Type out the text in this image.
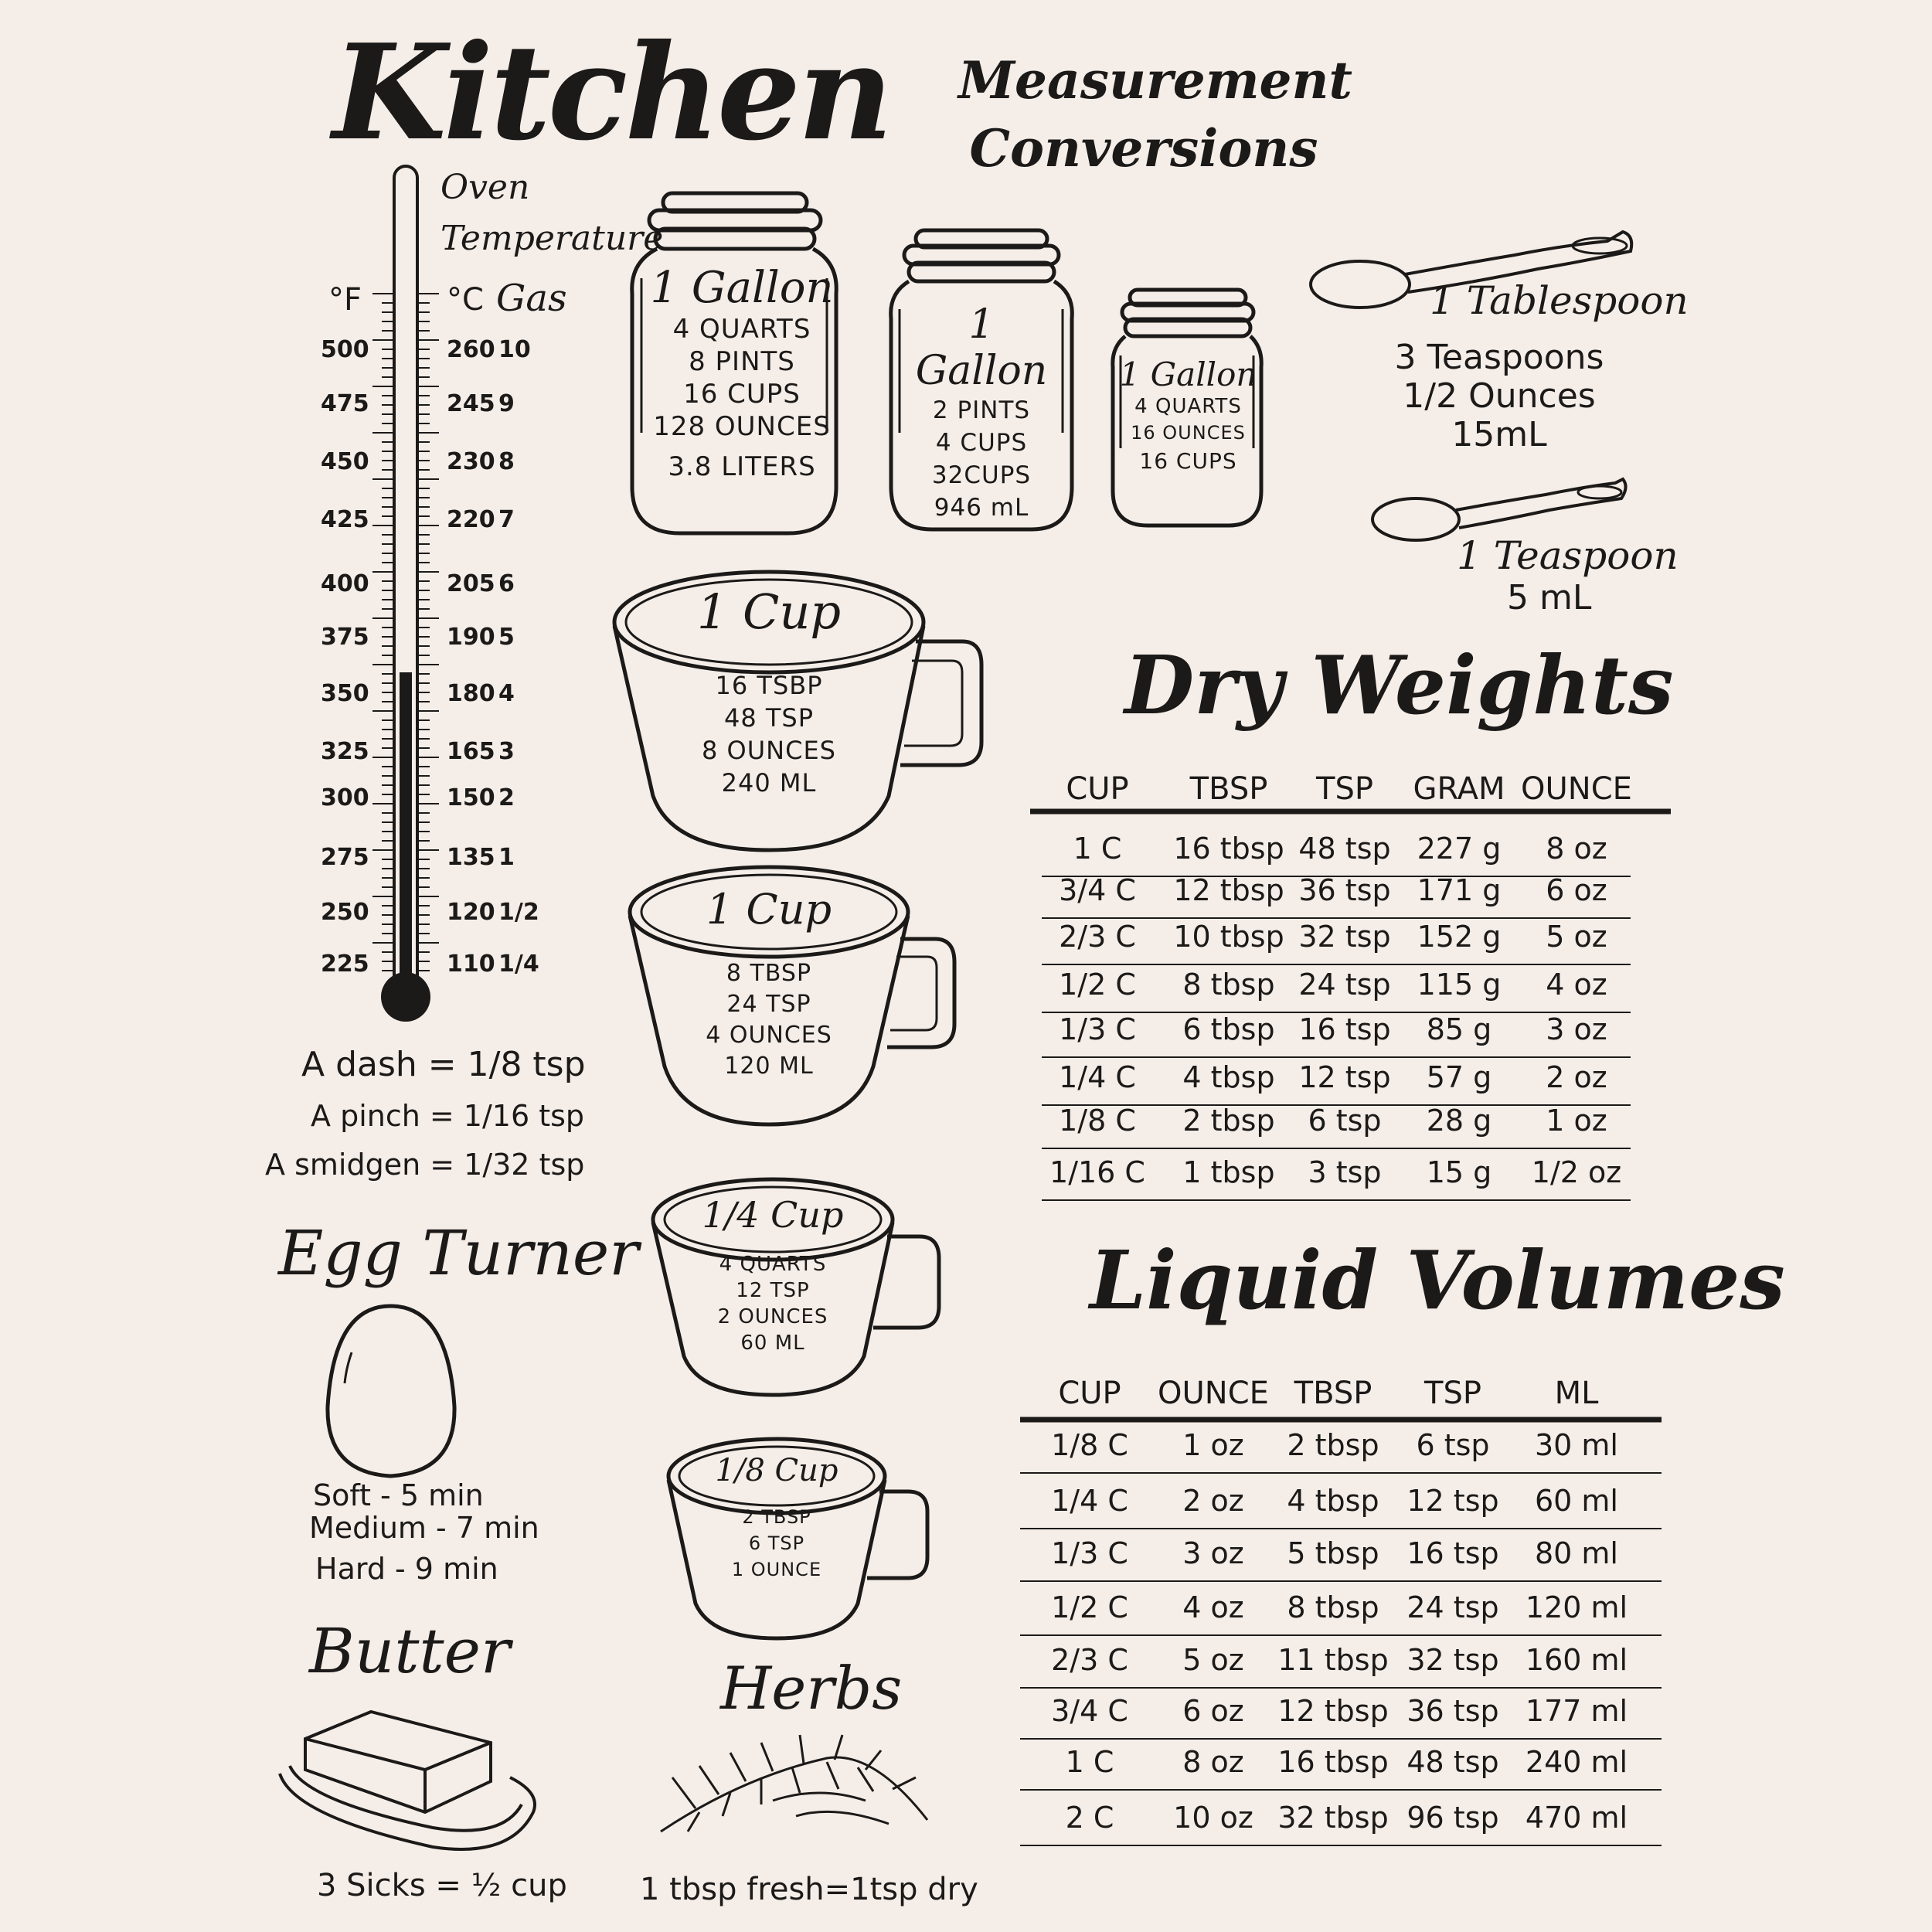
Kitchen Measurement
Conversions
Oven
Temperature
°F	°C Gas
500	260 10
475	245 9
450	230 8
425	220 7
400	205 6
375	190 5
350	180 4
325	165 3
300	150 2
275	135 1
250	120 1/2
225	110 1/4
A dash = 1/8 tsp
A pinch = 1/16 tsp
A smidgen = 1/32 tsp
Egg Turner
Soft - 5 min
Medium - 7 min
Hard - 9 min
Butter
3 Sicks = ½ cup
Herbs
1 tbsp fresh=1tsp dry
1 Gallon
4 QUARTS
8 PINTS
16 CUPS
128 OUNCES
3.8 LITERS
1 Gallon
2 PINTS
4 CUPS
32CUPS
946 mL
1 Gallon
4 QUARTS
16 OUNCES
16 CUPS
1 Cup
16 TSBP
48 TSP
8 OUNCES
240 ML
1 Cup
8 TBSP
24 TSP
4 OUNCES
120 ML
1/4 Cup
4 QUARTS
12 TSP
2 OUNCES
60 ML
1/8 Cup
2 TBSP
6 TSP
1 OUNCE
1 Tablespoon
3 Teaspoons
1/2 Ounces
15mL
1 Teaspoon
5 mL
Dry Weights
CUP	TBSP	TSP	GRAM OUNCE
1 C	16 tbsp 48 tsp 227 g	8 oz
3/4 C	12 tbsp 36 tsp 171 g	6 oz
2/3 C	10 tbsp 32 tsp 152 g	5 oz
1/2 C	8 tbsp 24 tsp 115 g	4 oz
1/3 C	6 tbsp 16 tsp	85 g	3 oz
1/4 C	4 tbsp 12 tsp	57 g	2 oz
1/8 C	2 tbsp	6 tsp	28 g	1 oz
1/16 C	1 tbsp	3 tsp	15 g	1/2 oz
Liquid Volumes
CUP	OUNCE TBSP	TSP	ML
1/8 C	1 oz	2 tbsp	6 tsp	30 ml
1/4 C	2 oz	4 tbsp 12 tsp	60 ml
1/3 C	3 oz	5 tbsp 16 tsp	80 ml
1/2 C	4 oz	8 tbsp 24 tsp 120 ml
2/3 C	5 oz	11 tbsp 32 tsp 160 ml
3/4 C	6 oz	12 tbsp 36 tsp 177 ml
1 C	8 oz	16 tbsp 48 tsp 240 ml
2 C	10 oz 32 tbsp 96 tsp 470 ml
